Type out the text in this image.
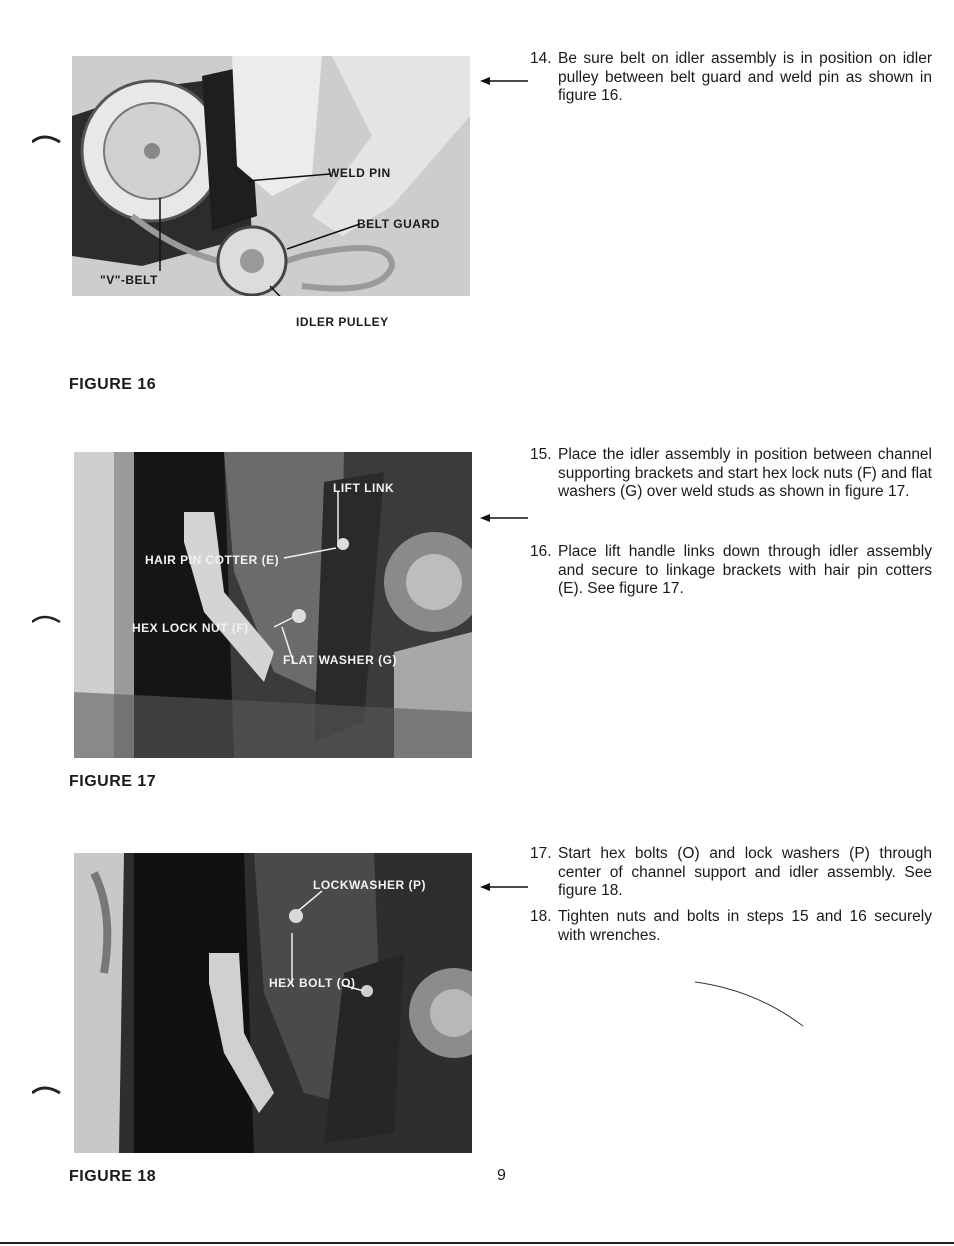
WELD PIN
BELT GUARD
"V"-BELT
IDLER PULLEY
FIGURE 16
LIFT LINK
HAIR PIN COTTER (E)
HEX LOCK NUT (F)
FLAT WASHER (G)
FIGURE 17
LOCKWASHER (P)
HEX BOLT (O)
FIGURE 18
14. Be sure belt on idler assembly is in position on idler pulley between belt guard and weld pin as shown in figure 16.
15. Place the idler assembly in position between channel supporting brackets and start hex lock nuts (F) and flat washers (G) over weld studs as shown in figure 17.
16. Place lift handle links down through idler assembly and secure to linkage brackets with hair pin cotters (E). See figure 17.
17. Start hex bolts (O) and lock washers (P) through center of channel support and idler assembly. See figure 18.
18. Tighten nuts and bolts in steps 15 and 16 securely with wrenches.
9
